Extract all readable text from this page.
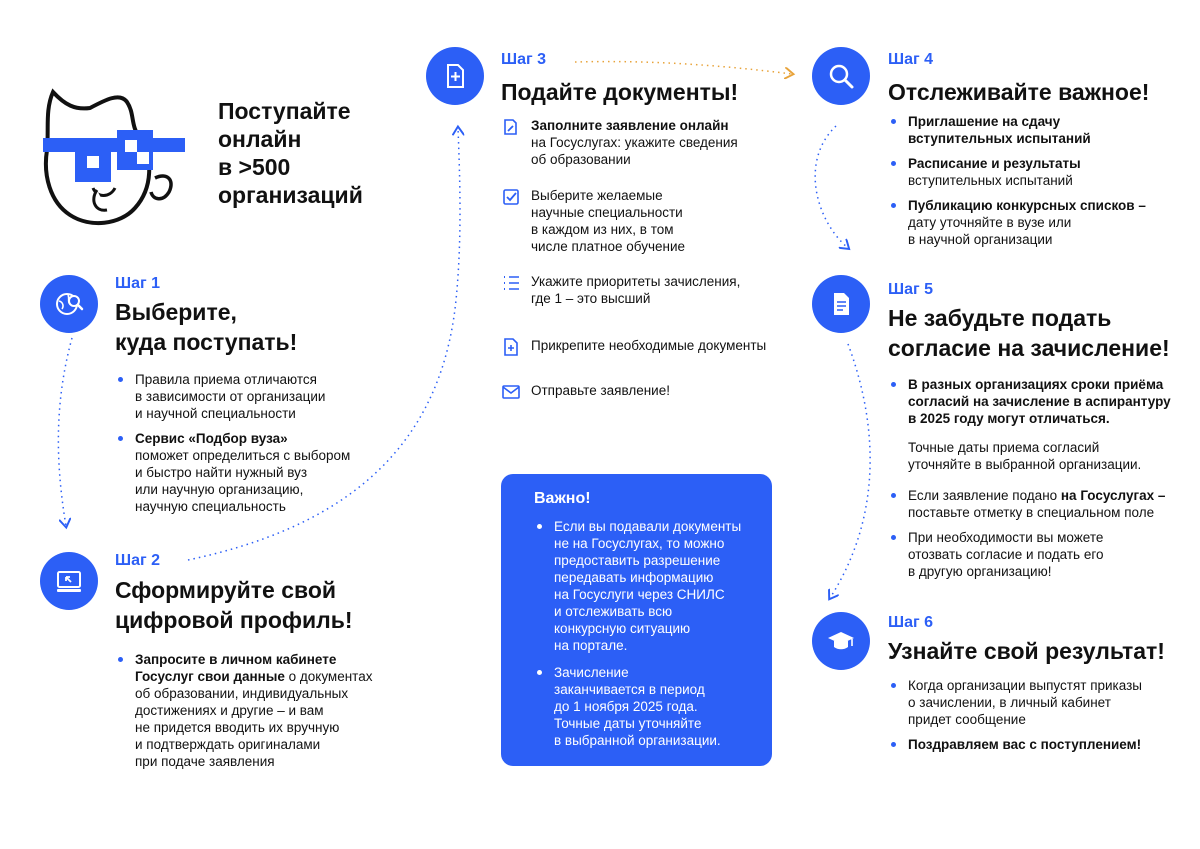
Поступайте
онлайн
в >500
организаций
Шаг 1
Выберите,
куда поступать!
Правила приема отличаются
в зависимости от организации
и научной специальности
Сервис «Подбор вуза»
поможет определиться с выбором
и быстро найти нужный вуз
или научную организацию,
научную специальность
Шаг 2
Сформируйте свой
цифровой профиль!
Запросите в личном кабинете
Госуслуг свои данные о документах
об образовании, индивидуальных
достижениях и другие – и вам
не придется вводить их вручную
и подтверждать оригиналами
при подаче заявления
Шаг 3
Подайте документы!
Заполните заявление онлайн
на Госуслугах: укажите сведения
об образовании
Выберите желаемые
научные специальности
в каждом из них, в том
числе платное обучение
Укажите приоритеты зачисления,
где 1 – это высший
Прикрепите необходимые документы
Отправьте заявление!
Важно!
Если вы подавали документы
не на Госуслугах, то можно
предоставить разрешение
передавать информацию
на Госуслуги через СНИЛС
и отслеживать всю
конкурсную ситуацию
на портале.
Зачисление
заканчивается в период
до 1 ноября 2025 года.
Точные даты уточняйте
в выбранной организации.
Шаг 4
Отслеживайте важное!
Приглашение на сдачу
вступительных испытаний
Расписание и результаты
вступительных испытаний
Публикацию конкурсных списков –
дату уточняйте в вузе или
в научной организации
Шаг 5
Не забудьте подать
согласие на зачисление!
В разных организациях сроки приёма
согласий на зачисление в аспирантуру
в 2025 году могут отличаться.
Точные даты приема согласий
уточняйте в выбранной организации.
Если заявление подано на Госуслугах –
поставьте отметку в специальном поле
При необходимости вы можете
отозвать согласие и подать его
в другую организацию!
Шаг 6
Узнайте свой результат!
Когда организации выпустят приказы
о зачислении, в личный кабинет
придет сообщение
Поздравляем вас с поступлением!
